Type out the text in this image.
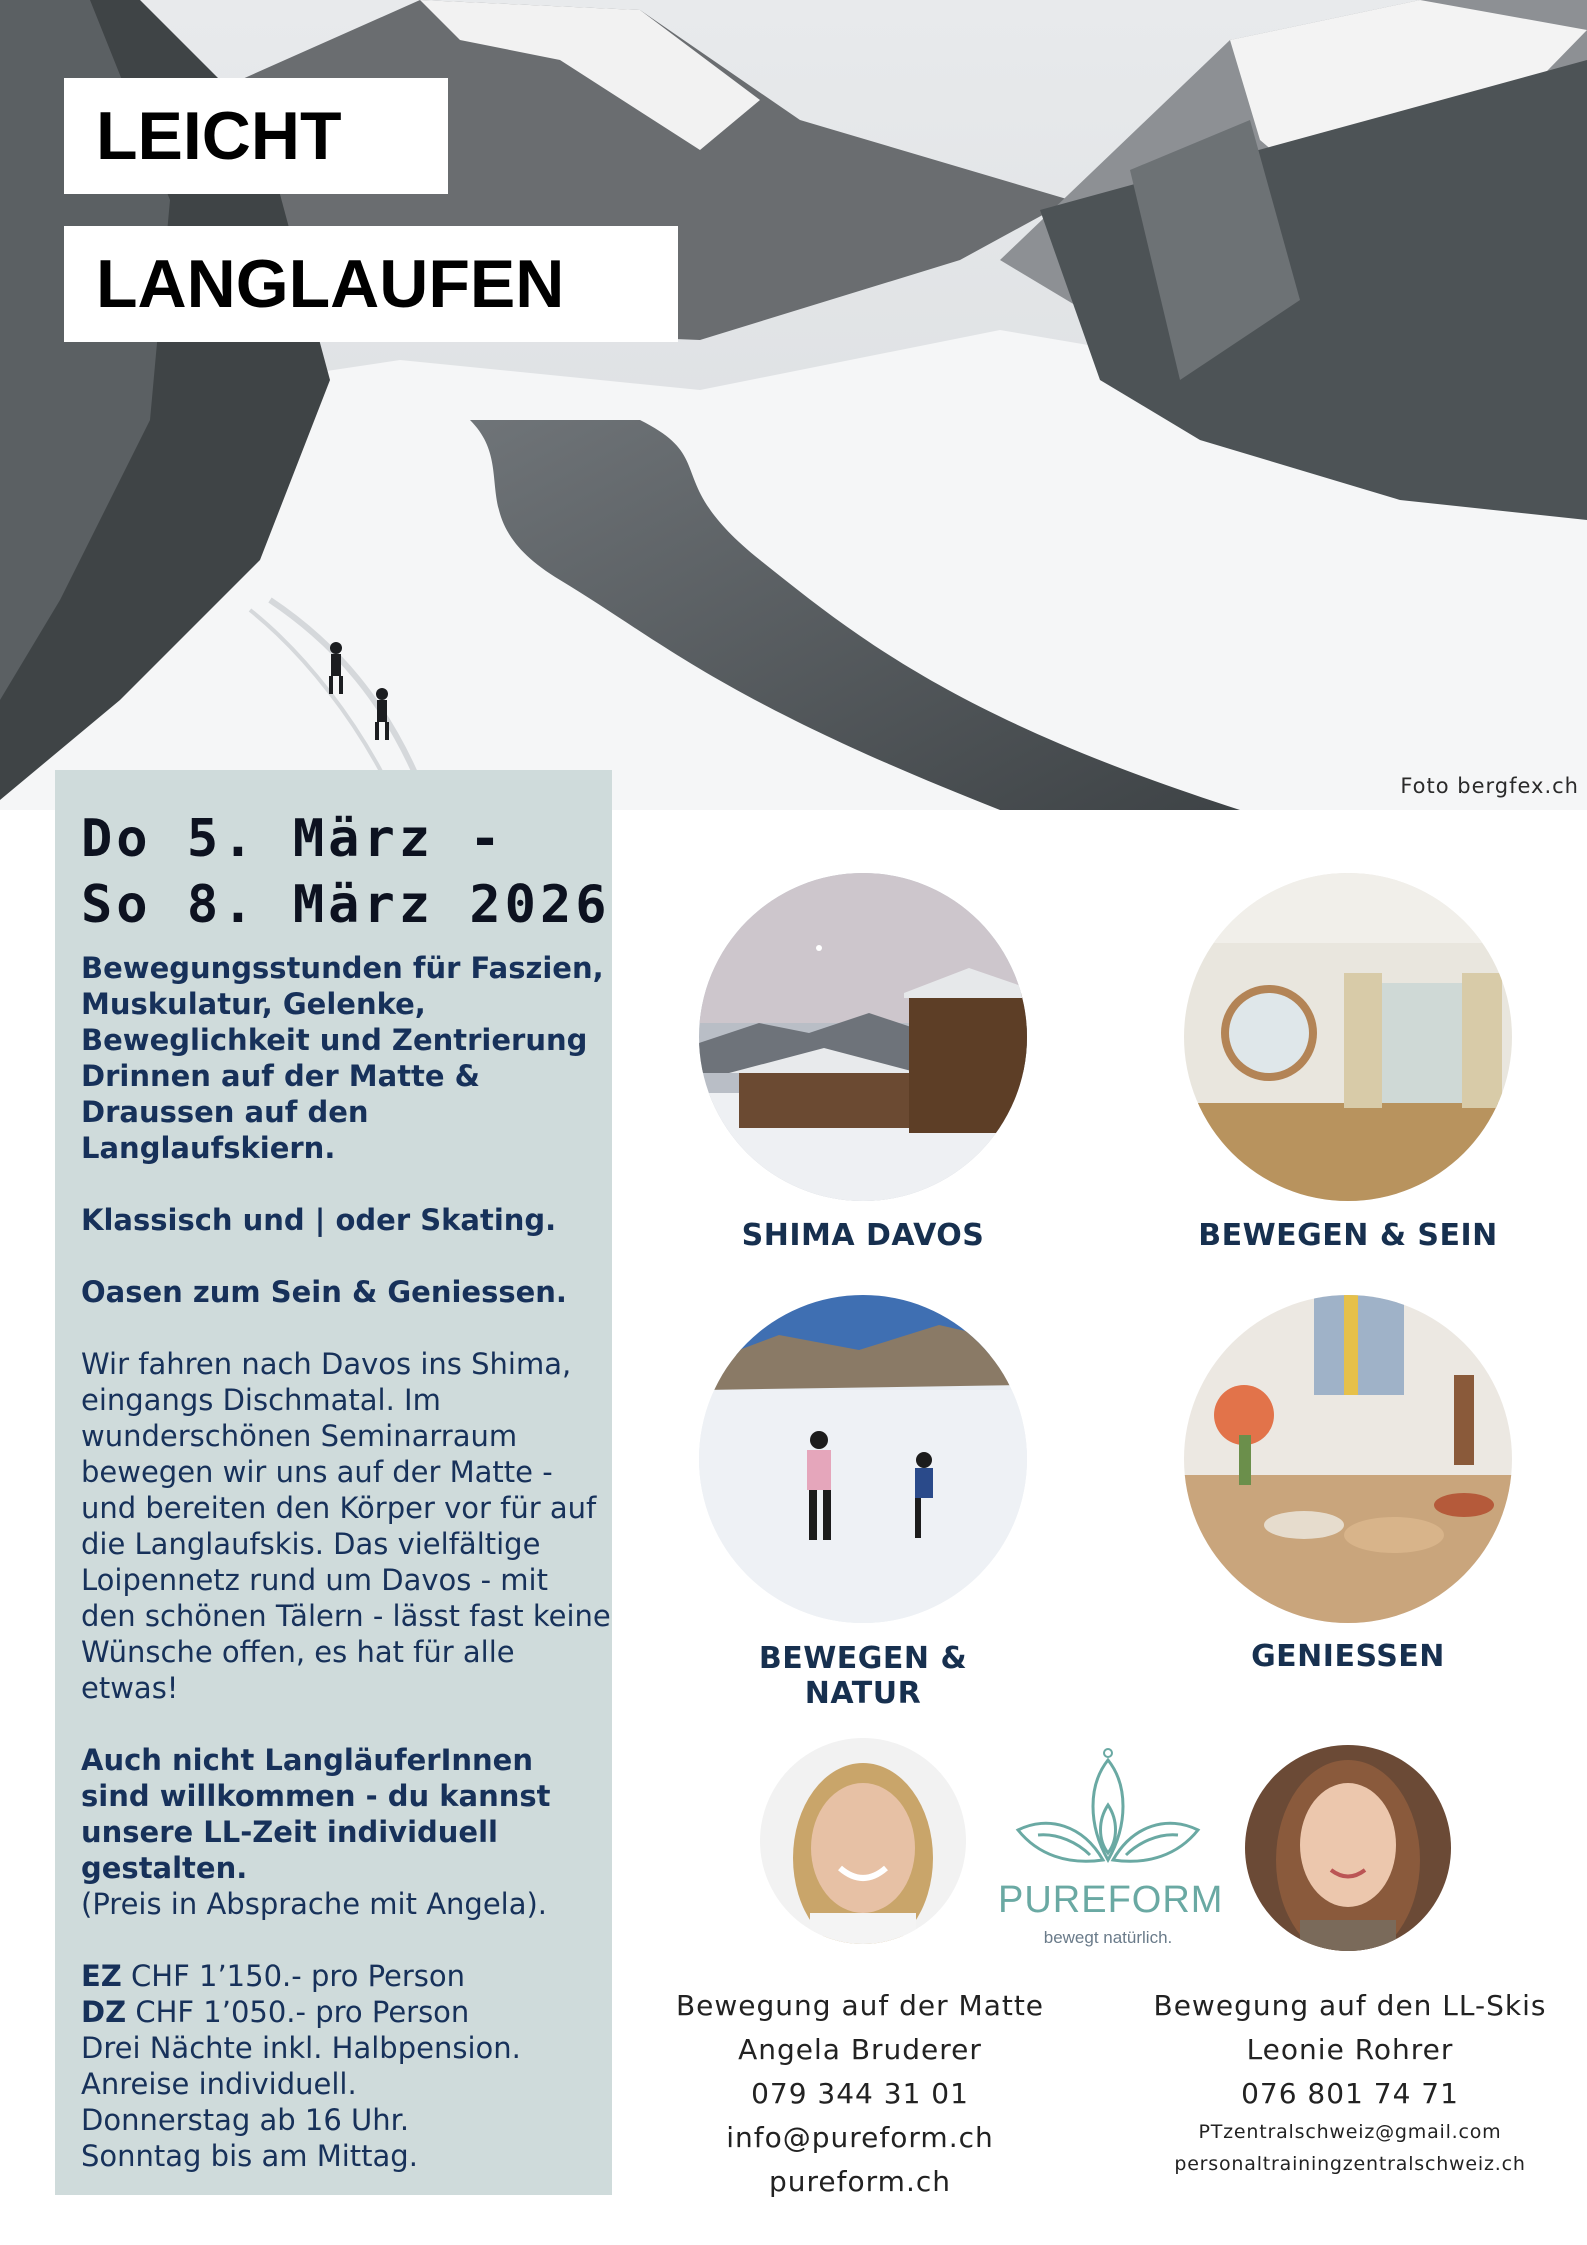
LEICHT
LANGLAUFEN
Foto bergfex.ch
Do 5. März -
So 8. März 2026

Bewegungsstunden für Faszien, Muskulatur, Gelenke, Beweglichkeit und Zentrierung Drinnen auf der Matte & Draussen auf den Langlaufskiern.

Klassisch und | oder Skating.

Oasen zum Sein & Geniessen.

Wir fahren nach Davos ins Shima, eingangs Dischmatal. Im wunderschönen Seminarraum bewegen wir uns auf der Matte - und bereiten den Körper vor für auf die Langlaufskis. Das vielfältige Loipennetz rund um Davos - mit den schönen Tälern - lässt fast keine Wünsche offen, es hat für alle etwas!

Auch nicht LangläuferInnen sind willkommen - du kannst unsere LL-Zeit individuell gestalten.
(Preis in Absprache mit Angela).

EZ CHF 1’150.- pro Person
DZ CHF 1’050.- pro Person
Drei Nächte inkl. Halbpension.
Anreise individuell.
Donnerstag ab 16 Uhr.
Sonntag bis am Mittag.
SHIMA DAVOS	BEWEGEN & SEIN
BEWEGEN & NATUR
GENIESSEN
PUREFORM
bewegt natürlich.
Bewegung auf der Matte
Angela Bruderer
079 344 31 01
info@pureform.ch
pureform.ch
Bewegung auf den LL-Skis
Leonie Rohrer
076 801 74 71
PTzentralschweiz@gmail.com
personaltrainingzentralschweiz.ch
